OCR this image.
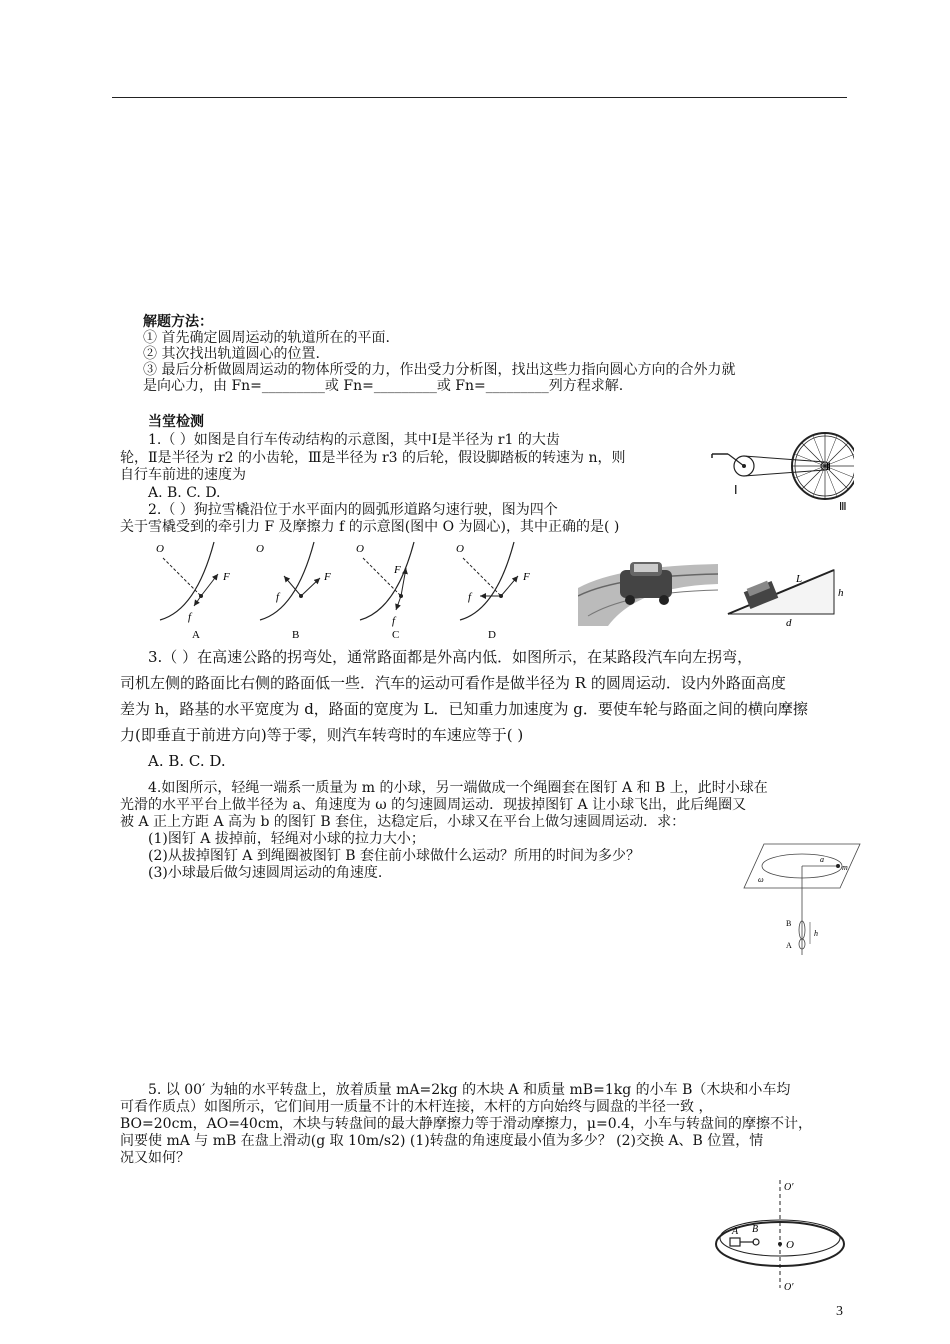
解题方法：
① 首先确定圆周运动的轨道所在的平面.
② 其次找出轨道圆心的位置.
③ 最后分析做圆周运动的物体所受的力，作出受力分析图，找出这些力指向圆心方向的合外力就
是向心力，由 Fn=_________或 Fn=_________或 Fn=_________列方程求解.
当堂检测
1.（ ）如图是自行车传动结构的示意图，其中Ⅰ是半径为 r1 的大齿
轮，Ⅱ是半径为 r2 的小齿轮，Ⅲ是半径为 r3 的后轮，假设脚踏板的转速为 n，则
自行车前进的速度为
A. B. C. D.
2.（ ）狗拉雪橇沿位于水平面内的圆弧形道路匀速行驶，图为四个
关于雪橇受到的牵引力 F 及摩擦力 f 的示意图(图中 O 为圆心)，其中正确的是( )
Ⅰ
Ⅱ
Ⅲ
O
F
f
A
O
F
f
B
O
F
f
C
O
F
f
D
L
h
d
3.（ ）在高速公路的拐弯处，通常路面都是外高内低．如图所示，在某路段汽车向左拐弯，
司机左侧的路面比右侧的路面低一些．汽车的运动可看作是做半径为 R 的圆周运动．设内外路面高度
差为 h，路基的水平宽度为 d，路面的宽度为 L．已知重力加速度为 g．要使车轮与路面之间的横向摩擦
力(即垂直于前进方向)等于零，则汽车转弯时的车速应等于( )
A. B. C. D.
4.如图所示，轻绳一端系一质量为 m 的小球，另一端做成一个绳圈套在图钉 A 和 B 上，此时小球在
光滑的水平平台上做半径为 a、角速度为 ω 的匀速圆周运动．现拔掉图钉 A 让小球飞出，此后绳圈又
被 A 正上方距 A 高为 b 的图钉 B 套住，达稳定后，小球又在平台上做匀速圆周运动．求：
(1)图钉 A 拔掉前，轻绳对小球的拉力大小；
(2)从拔掉图钉 A 到绳圈被图钉 B 套住前小球做什么运动？所用的时间为多少？
(3)小球最后做匀速圆周运动的角速度.
a
m
ω
B
A
h
5. 以 00′ 为轴的水平转盘上，放着质量 mA=2kg 的木块 A 和质量 mB=1kg 的小车 B（木块和小车均
可看作质点）如图所示，它们间用一质量不计的木杆连接，木杆的方向始终与圆盘的半径一致 ，
BO=20cm，AO=40cm，木块与转盘间的最大静摩擦力等于滑动摩擦力，μ=0.4，小车与转盘间的摩擦不计，
问要使 mA 与 mB 在盘上滑动(g 取 10m/s2) (1)转盘的角速度最小值为多少？ (2)交换 A、B 位置，情
况又如何？
O′
A B
O
O′
3
